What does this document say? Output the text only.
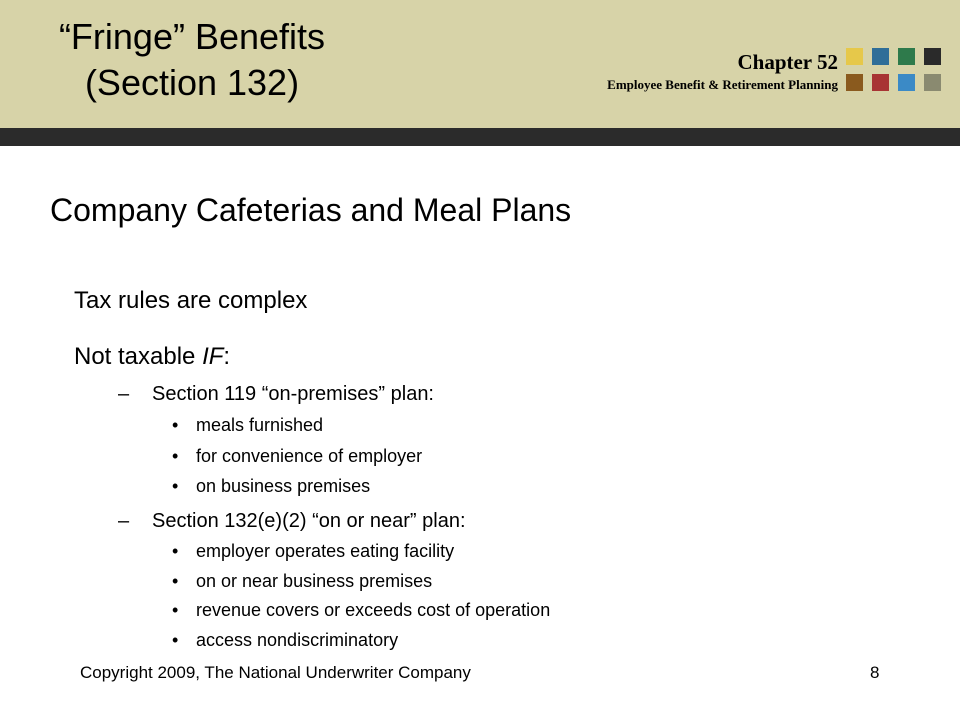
“Fringe” Benefits
(Section 132)	Chapter 52
Employee Benefit & Retirement Planning
Company Cafeterias and Meal Plans
Tax rules are complex
Not taxable IF:
– Section 119 “on-premises” plan:
• meals furnished
• for convenience of employer
• on business premises
– Section 132(e)(2) “on or near” plan:
• employer operates eating facility
• on or near business premises
• revenue covers or exceeds cost of operation
• access nondiscriminatory
Copyright 2009, The National Underwriter Company	8
